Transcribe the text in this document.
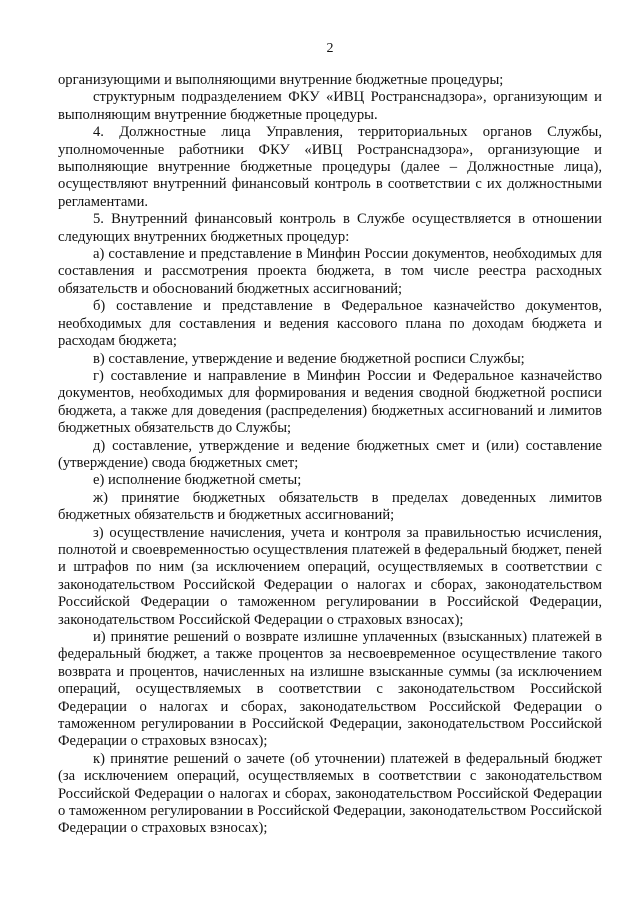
2

организующими и выполняющими внутренние бюджетные процедуры;

структурным подразделением ФКУ «ИВЦ Ространснадзора», организующим и выполняющим внутренние бюджетные процедуры.

4. Должностные лица Управления, территориальных органов Службы, уполномоченные работники ФКУ «ИВЦ Ространснадзора», организующие и выполняющие внутренние бюджетные процедуры (далее – Должностные лица), осуществляют внутренний финансовый контроль в соответствии с их должностными регламентами.

5. Внутренний финансовый контроль в Службе осуществляется в отношении следующих внутренних бюджетных процедур:

а) составление и представление в Минфин России документов, необходимых для составления и рассмотрения проекта бюджета, в том числе реестра расходных обязательств и обоснований бюджетных ассигнований;

б) составление и представление в Федеральное казначейство документов, необходимых для составления и ведения кассового плана по доходам бюджета и расходам бюджета;

в) составление, утверждение и ведение бюджетной росписи Службы;

г) составление и направление в Минфин России и Федеральное казначейство документов, необходимых для формирования и ведения сводной бюджетной росписи бюджета, а также для доведения (распределения) бюджетных ассигнований и лимитов бюджетных обязательств до Службы;

д) составление, утверждение и ведение бюджетных смет и (или) составление (утверждение) свода бюджетных смет;

е) исполнение бюджетной сметы;

ж) принятие бюджетных обязательств в пределах доведенных лимитов бюджетных обязательств и бюджетных ассигнований;

з) осуществление начисления, учета и контроля за правильностью исчисления, полнотой и своевременностью осуществления платежей в федеральный бюджет, пеней и штрафов по ним (за исключением операций, осуществляемых в соответствии с законодательством Российской Федерации о налогах и сборах, законодательством Российской Федерации о таможенном регулировании в Российской Федерации, законодательством Российской Федерации о страховых взносах);

и) принятие решений о возврате излишне уплаченных (взысканных) платежей в федеральный бюджет, а также процентов за несвоевременное осуществление такого возврата и процентов, начисленных на излишне взысканные суммы (за исключением операций, осуществляемых в соответствии с законодательством Российской Федерации о налогах и сборах, законодательством Российской Федерации о таможенном регулировании в Российской Федерации, законодательством Российской Федерации о страховых взносах);

к) принятие решений о зачете (об уточнении) платежей в федеральный бюджет (за исключением операций, осуществляемых в соответствии с законодательством Российской Федерации о налогах и сборах, законодательством Российской Федерации о таможенном регулировании в Российской Федерации, законодательством Российской Федерации о страховых взносах);
